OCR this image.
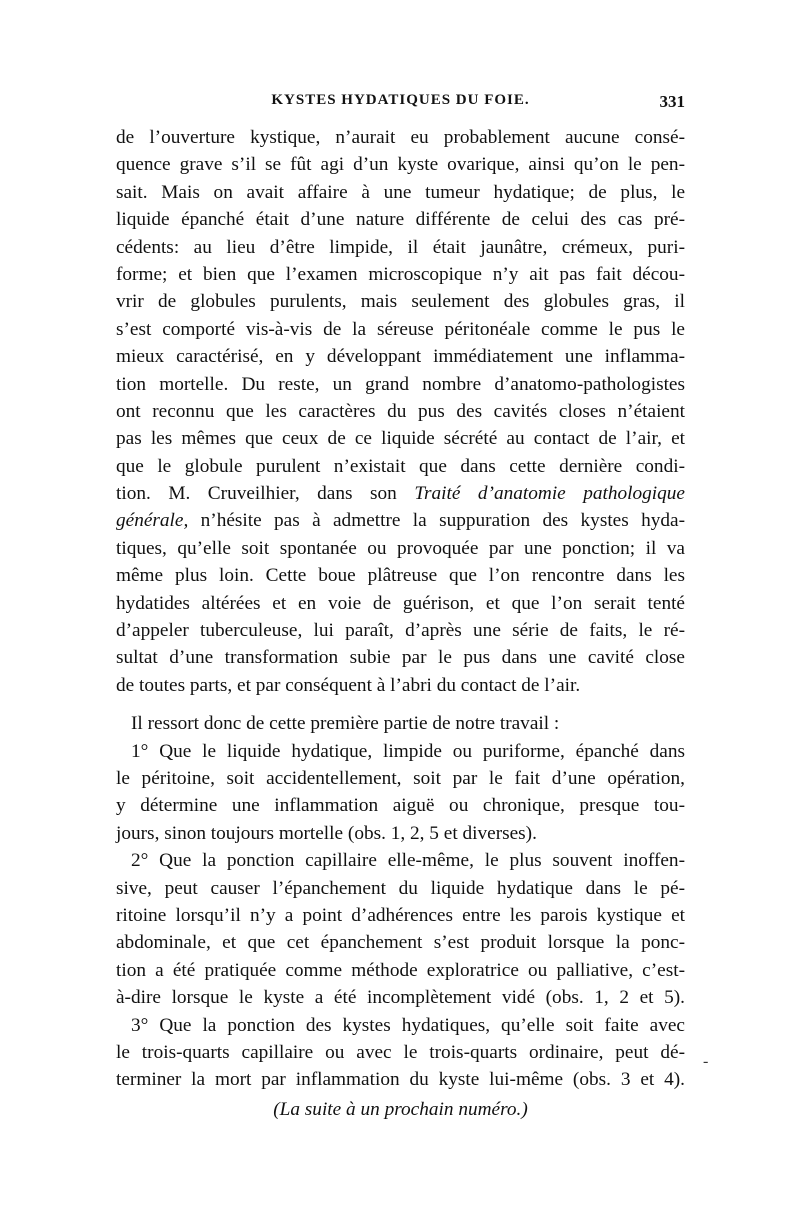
KYSTES HYDATIQUES DU FOIE.	331
de l’ouverture kystique, n’aurait eu probablement aucune consé-
quence grave s’il se fût agi d’un kyste ovarique, ainsi qu’on le pen-
sait. Mais on avait affaire à une tumeur hydatique; de plus, le
liquide épanché était d’une nature différente de celui des cas pré-
cédents: au lieu d’être limpide, il était jaunâtre, crémeux, puri-
forme; et bien que l’examen microscopique n’y ait pas fait décou-
vrir de globules purulents, mais seulement des globules gras, il
s’est comporté vis-à-vis de la séreuse péritonéale comme le pus le
mieux caractérisé, en y développant immédiatement une inflamma-
tion mortelle. Du reste, un grand nombre d’anatomo-pathologistes
ont reconnu que les caractères du pus des cavités closes n’étaient
pas les mêmes que ceux de ce liquide sécrété au contact de l’air, et
que le globule purulent n’existait que dans cette dernière condi-
tion. M. Cruveilhier, dans son Traité d’anatomie pathologique
générale, n’hésite pas à admettre la suppuration des kystes hyda-
tiques, qu’elle soit spontanée ou provoquée par une ponction; il va
même plus loin. Cette boue plâtreuse que l’on rencontre dans les
hydatides altérées et en voie de guérison, et que l’on serait tenté
d’appeler tuberculeuse, lui paraît, d’après une série de faits, le ré-
sultat d’une transformation subie par le pus dans une cavité close
de toutes parts, et par conséquent à l’abri du contact de l’air.
Il ressort donc de cette première partie de notre travail :
1° Que le liquide hydatique, limpide ou puriforme, épanché dans
le péritoine, soit accidentellement, soit par le fait d’une opération,
y détermine une inflammation aiguë ou chronique, presque tou-
jours, sinon toujours mortelle (obs. 1, 2, 5 et diverses).
2° Que la ponction capillaire elle-même, le plus souvent inoffen-
sive, peut causer l’épanchement du liquide hydatique dans le pé-
ritoine lorsqu’il n’y a point d’adhérences entre les parois kystique et
abdominale, et que cet épanchement s’est produit lorsque la ponc-
tion a été pratiquée comme méthode exploratrice ou palliative, c’est-
à-dire lorsque le kyste a été incomplètement vidé (obs. 1, 2 et 5).
3° Que la ponction des kystes hydatiques, qu’elle soit faite avec
le trois-quarts capillaire ou avec le trois-quarts ordinaire, peut dé-
terminer la mort par inflammation du kyste lui-même (obs. 3 et 4).
-
(La suite à un prochain numéro.)
